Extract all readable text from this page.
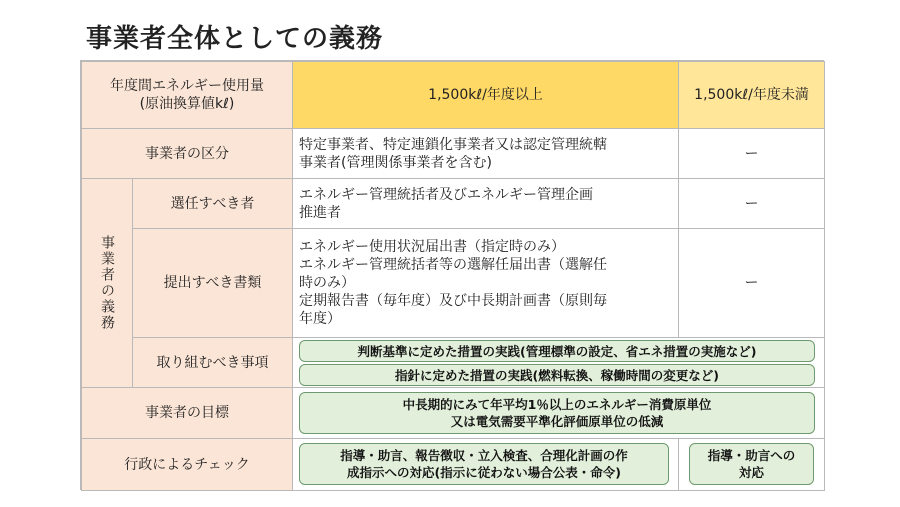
事業者全体としての義務
年度間エネルギー使用量
(原油換算値kℓ)
1,500kℓ/年度以上	1,500kℓ/年度未満
事業者の区分
特定事業者、特定連鎖化事業者又は認定管理統轄
事業者(管理関係事業者を含む)
ー
事業者の義務
選任すべき者
エネルギー管理統括者及びエネルギー管理企画
推進者
ー
提出すべき書類
エネルギー使用状況届出書（指定時のみ）
エネルギー管理統括者等の選解任届出書（選解任
時のみ）
定期報告書（毎年度）及び中長期計画書（原則毎
年度）
ー
取り組むべき事項
判断基準に定めた措置の実践(管理標準の設定、省エネ措置の実施など)
指針に定めた措置の実践(燃料転換、稼働時間の変更など)
事業者の目標
中長期的にみて年平均1％以上のエネルギー消費原単位
又は電気需要平準化評価原単位の低減
行政によるチェック
指導・助言、報告徴収・立入検査、合理化計画の作
成指示への対応(指示に従わない場合公表・命令)
指導・助言への
対応
